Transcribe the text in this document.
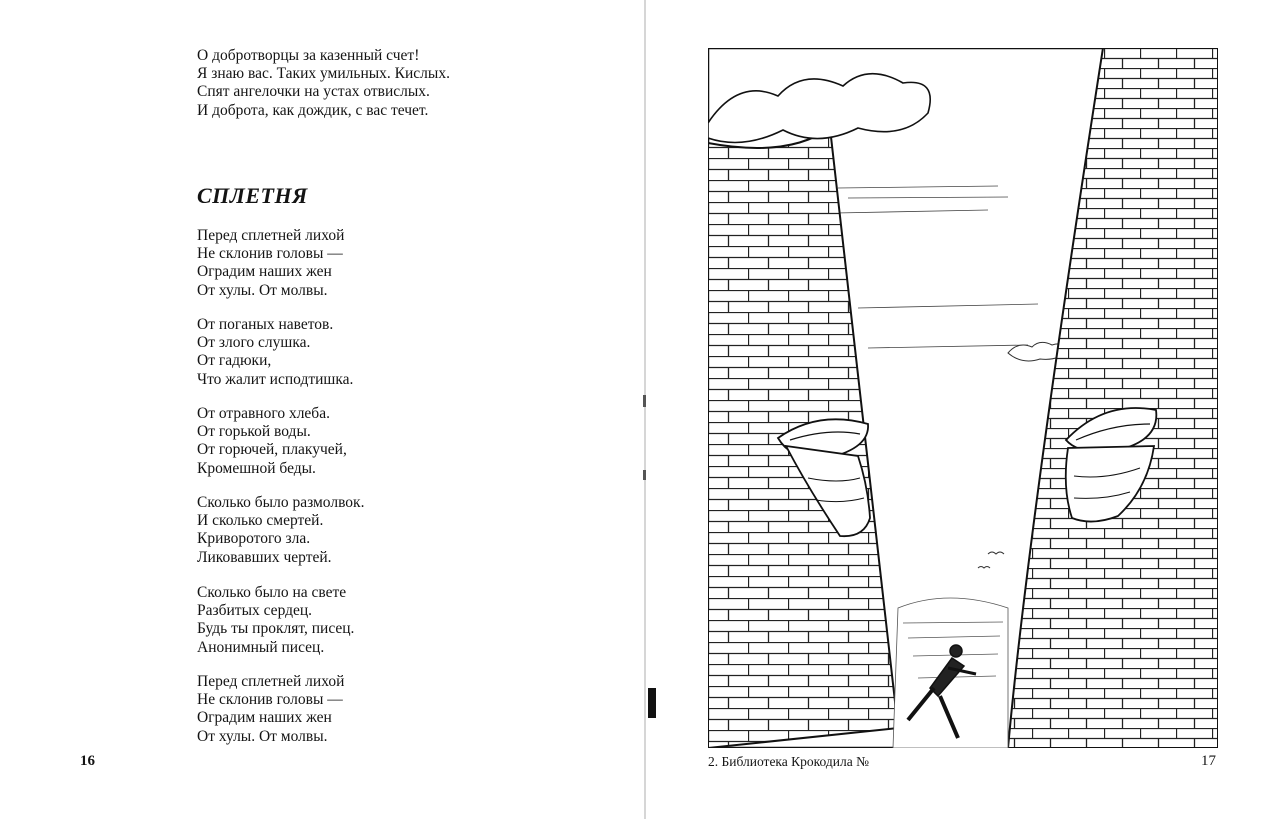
О добротворцы за казенный счет!
Я знаю вас. Таких умильных. Кислых.
Спят ангелочки на устах отвислых.
И доброта, как дождик, с вас течет.
СПЛЕТНЯ
Перед сплетней лихой
Не склонив головы —
Оградим наших жен
От хулы. От молвы.
От поганых наветов.
От злого слушка.
От гадюки,
Что жалит исподтишка.
От отравного хлеба.
От горькой воды.
От горючей, плакучей,
Кромешной беды.
Сколько было размолвок.
И сколько смертей.
Криворотого зла.
Ликовавших чертей.
Сколько было на свете
Разбитых сердец.
Будь ты проклят, писец.
Анонимный писец.
Перед сплетней лихой
Не склонив головы —
Оградим наших жен
От хулы. От молвы.
16	2. Библиотека Крокодила №	17
